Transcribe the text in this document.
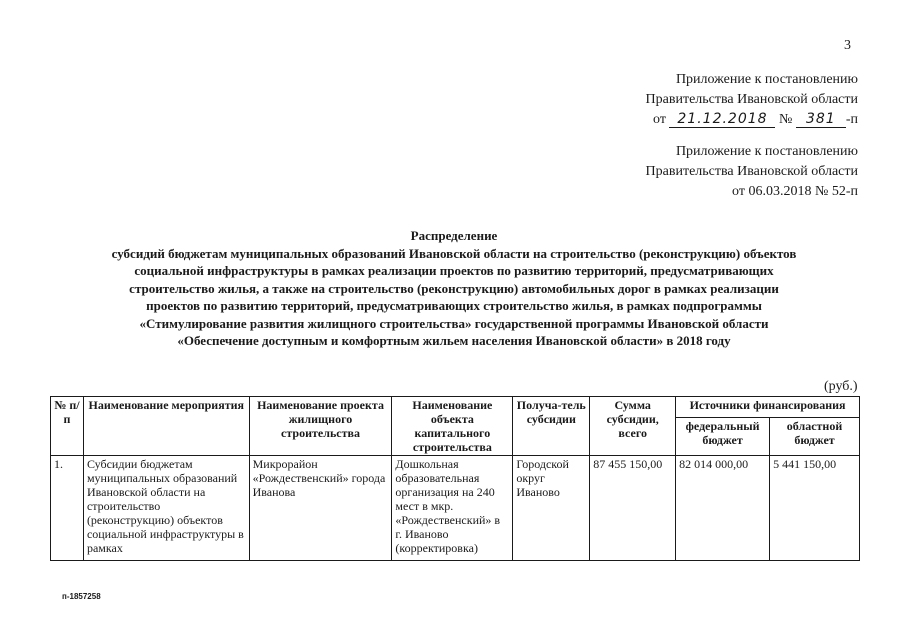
3
Приложение к постановлению
Правительства Ивановской области
от 21.12.2018 № 381 -п
Приложение к постановлению
Правительства Ивановской области
от 06.03.2018 № 52-п
Распределение
субсидий бюджетам муниципальных образований Ивановской области на строительство (реконструкцию) объектов
социальной инфраструктуры в рамках реализации проектов по развитию территорий, предусматривающих
строительство жилья, а также на строительство (реконструкцию) автомобильных дорог в рамках реализации
проектов по развитию территорий, предусматривающих строительство жилья, в рамках подпрограммы
«Стимулирование развития жилищного строительства» государственной программы Ивановской области
«Обеспечение доступным и комфортным жильем населения Ивановской области» в 2018 году
(руб.)
№ п/п	Наименование мероприятия	Наименование проекта жилищного строительства	Наименование объекта капитального строительства	Получа-тель субсидии	Сумма субсидии, всего	Источники финансирования	
						федеральный бюджет	областной бюджет
1.	Субсидии бюджетам муниципальных образований Ивановской области на строительство (реконструкцию) объектов социальной инфраструктуры в рамках	Микрорайон «Рождественский» города Иванова	Дошкольная образовательная организация на 240 мест в мкр. «Рождественский» в г. Иваново (корректировка)	Городской округ Иваново	87 455 150,00	82 014 000,00	5 441 150,00
п-1857258
